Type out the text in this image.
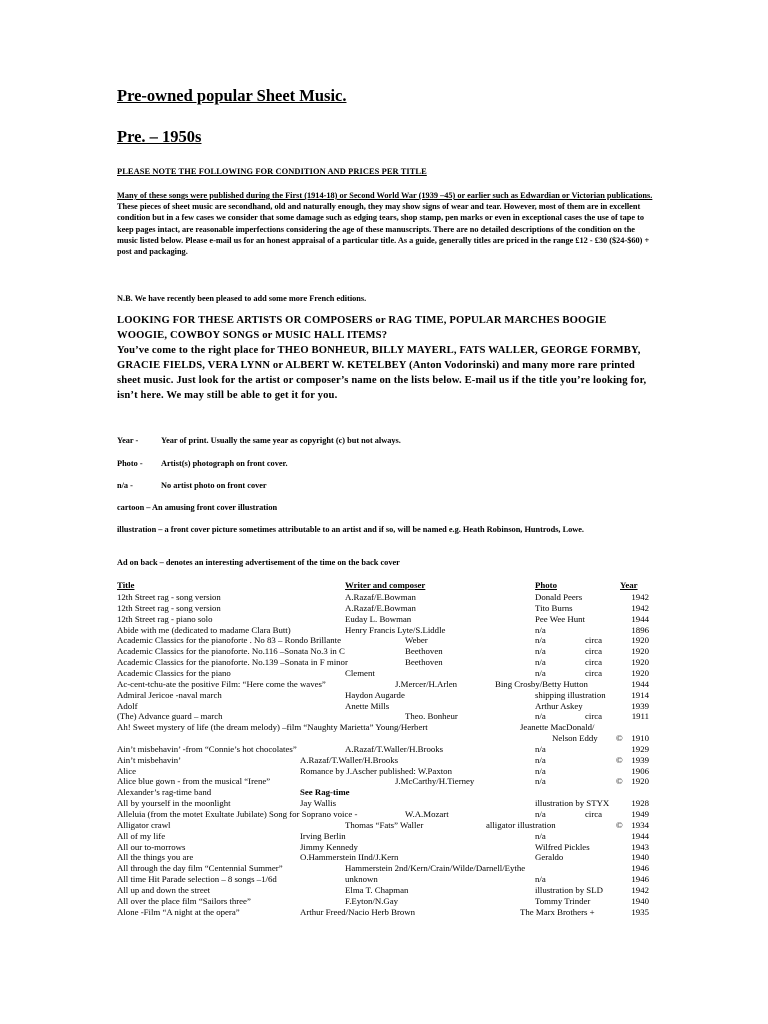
Pre-owned popular Sheet Music.
Pre. – 1950s
PLEASE NOTE THE FOLLOWING FOR CONDITION AND PRICES PER TITLE

Many of these songs were published during the First (1914-18) or Second World War (1939 –45) or earlier such as Edwardian or Victorian publications.

These pieces of sheet music are secondhand, old and naturally enough, they may show signs of wear and tear. However, most of them are in excellent condition but in a few cases we consider that some damage such as edging tears, shop stamp, pen marks or even in exceptional cases the use of tape to keep pages intact, are reasonable imperfections considering the age of these manuscripts. There are no detailed descriptions of the condition on the music listed below. Please e-mail us for an honest appraisal of a particular title. As a guide, generally titles are priced in the range £12 - £30 ($24-$60) + post and packaging.

N.B. We have recently been pleased to add some more French editions.

LOOKING FOR THESE ARTISTS OR COMPOSERS or RAG TIME, POPULAR MARCHES BOOGIE WOOGIE, COWBOY SONGS or MUSIC HALL ITEMS?

You’ve come to the right place for THEO BONHEUR, BILLY MAYERL, FATS WALLER, GEORGE FORMBY, GRACIE FIELDS, VERA LYNN or ALBERT W. KETELBEY (Anton Vodorinski) and many more rare printed sheet music. Just look for the artist or composer’s name on the lists below. E-mail us if the title you’re looking for, isn’t here. We may still be able to get it for you.

Year -	Year of print. Usually the same year as copyright (c) but not always.
Photo - Artist(s) photograph on front cover.
n/a -	No artist photo on front cover
cartoon – An amusing front cover illustration
illustration – a front cover picture sometimes attributable to an artist and if so, will be named e.g. Heath Robinson, Huntrods, Lowe.
Ad on back – denotes an interesting advertisement of the time on the back cover
Title	Writer and composer	Photo	Year
12th Street rag - song version	A.Razaf/E.Bowman	Donald Peers	1942
12th Street rag - song version	A.Razaf/E.Bowman	Tito Burns	1942
12th Street rag - piano solo	Euday L. Bowman	Pee Wee Hunt	1944
Abide with me (dedicated to madame Clara Butt)	Henry Francis Lyte/S.Liddle	n/a	1896
Academic Classics for the pianoforte . No 83 – Rondo Brillante	Weber	n/a	circa	1920
Academic Classics for the pianoforte. No.116 –Sonata No.3 in C	Beethoven	n/a	circa	1920
Academic Classics for the pianoforte. No.139 –Sonata in F minor	Beethoven	n/a	circa	1920
Academic Classics for the piano	Clement	n/a	circa	1920
Ac-cent-tchu-ate the positive Film: “Here come the waves”	J.Mercer/H.Arlen	Bing Crosby/Betty Hutton	1944
Admiral Jericoe -naval march	Haydon Augarde	shipping illustration	1914
Adolf	Anette Mills	Arthur Askey	1939
(The) Advance guard – march	Theo. Bonheur	n/a	circa	1911
Ah! Sweet mystery of life (the dream melody) –film “Naughty Marietta” Young/Herbert	Jeanette MacDonald/
Nelson Eddy © 1910
Ain’t misbehavin’ -from “Connie’s hot chocolates”	A.Razaf/T.Waller/H.Brooks	n/a	1929
Ain’t misbehavin’	A.Razaf/T.Waller/H.Brooks	n/a	© 1939
Alice	Romance by J.Ascher published: W.Paxton	n/a	1906
Alice blue gown - from the musical “Irene”	J.McCarthy/H.Tierney	n/a	© 1920
Alexander’s rag-time band	See Rag-time
All by yourself in the moonlight	Jay Wallis	illustration by STYX	1928
Alleluia (from the motet Exultate Jubilate) Song for Soprano voice -	W.A.Mozart	n/a	circa	1949
Alligator crawl	Thomas “Fats” Waller	alligator illustration	© 1934
All of my life	Irving Berlin	n/a	1944
All our to-morrows	Jimmy Kennedy	Wilfred Pickles	1943
All the things you are	O.Hammerstein IInd/J.Kern	Geraldo	1940
All through the day film “Centennial Summer”	Hammerstein 2nd/Kern/Crain/Wilde/Darnell/Eythe	1946
All time Hit Parade selection – 8 songs –1/6d	unknown	n/a	1946
All up and down the street	Elma T. Chapman	illustration by SLD	1942
All over the place film “Sailors three”	F.Eyton/N.Gay	Tommy Trinder	1940
Alone -Film “A night at the opera”	Arthur Freed/Nacio Herb Brown	The Marx Brothers +	1935
